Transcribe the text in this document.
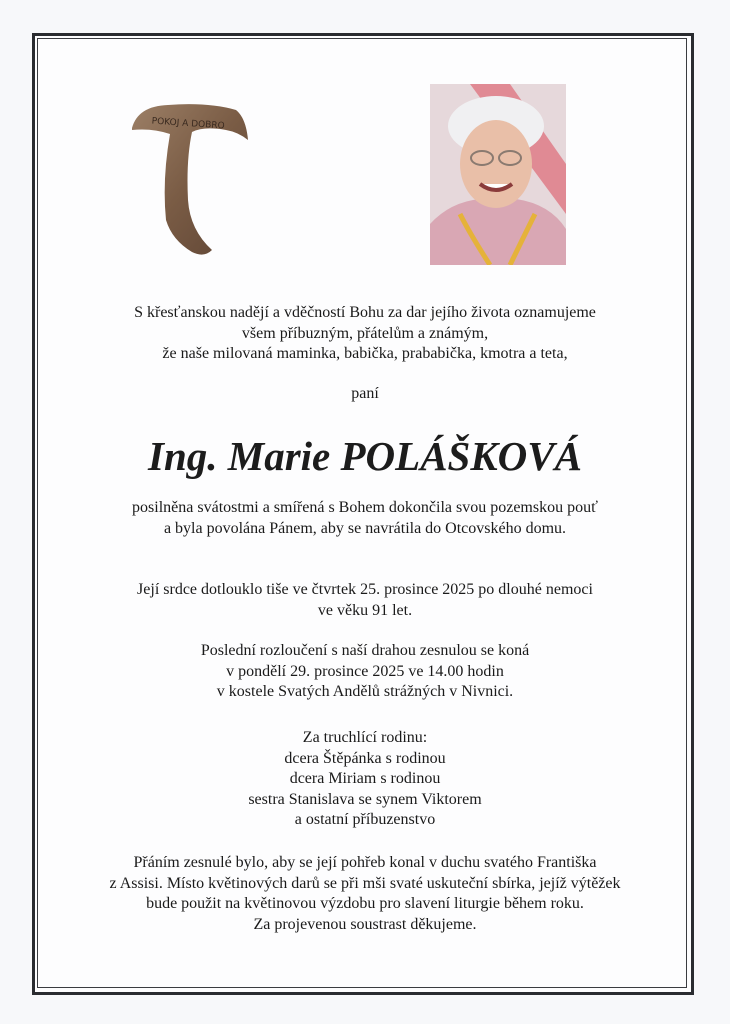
POKOJ A DOBRO
S křesťanskou nadějí a vděčností Bohu za dar jejího života oznamujeme
všem příbuzným, přátelům a známým,
že naše milovaná maminka, babička, prababička, kmotra a teta,
paní
Ing. Marie POLÁŠKOVÁ
posilněna svátostmi a smířená s Bohem dokončila svou pozemskou pouť
a byla povolána Pánem, aby se navrátila do Otcovského domu.
Její srdce dotlouklo tiše ve čtvrtek 25. prosince 2025 po dlouhé nemoci
ve věku 91 let.
Poslední rozloučení s naší drahou zesnulou se koná
v pondělí 29. prosince 2025 ve 14.00 hodin
v kostele Svatých Andělů strážných v Nivnici.
Za truchlící rodinu:
dcera Štěpánka s rodinou
dcera Miriam s rodinou
sestra Stanislava se synem Viktorem
a ostatní příbuzenstvo
Přáním zesnulé bylo, aby se její pohřeb konal v duchu svatého Františka
z Assisi. Místo květinových darů se při mši svaté uskuteční sbírka, jejíž výtěžek
bude použit na květinovou výzdobu pro slavení liturgie během roku.
Za projevenou soustrast děkujeme.
